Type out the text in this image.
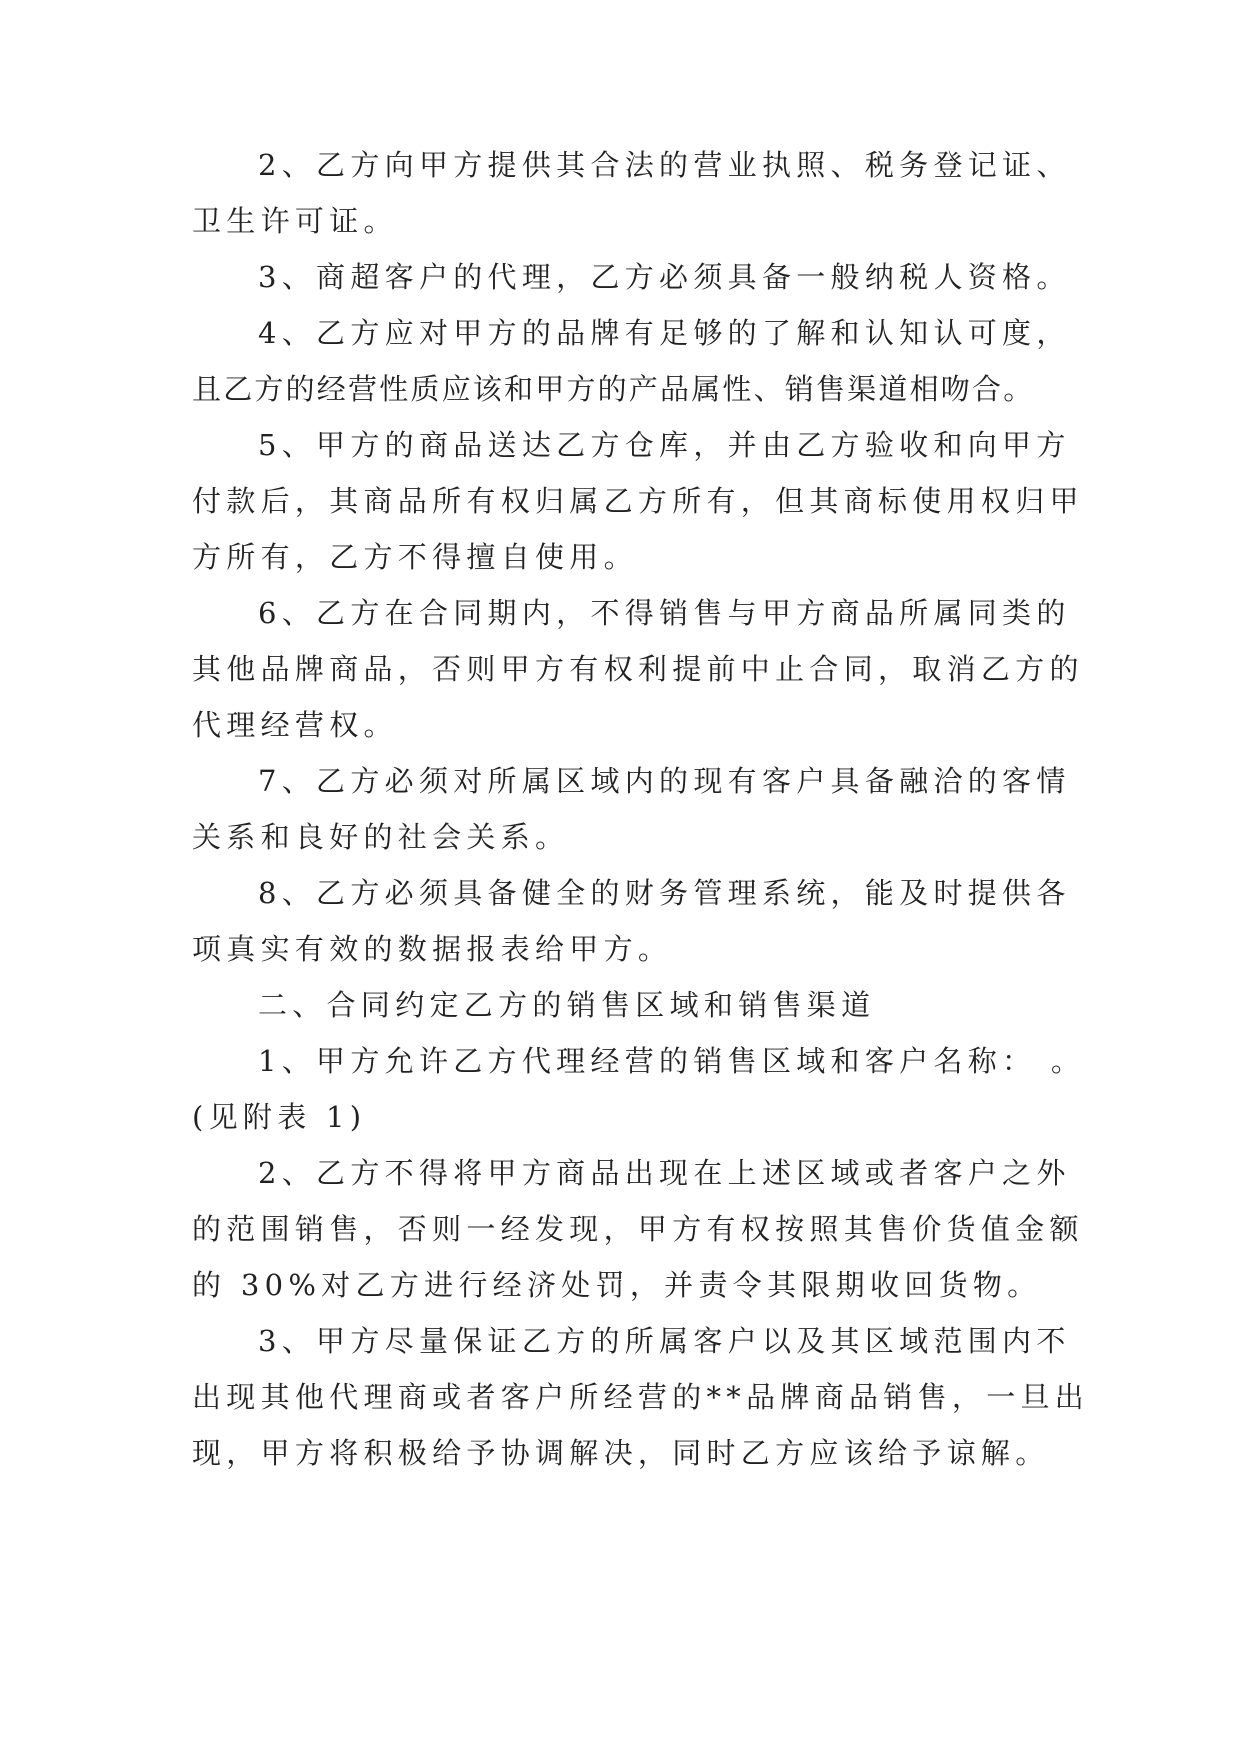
2、乙方向甲方提供其合法的营业执照、税务登记证、
卫生许可证。
3、商超客户的代理，乙方必须具备一般纳税人资格。
4、乙方应对甲方的品牌有足够的了解和认知认可度，
且乙方的经营性质应该和甲方的产品属性、销售渠道相吻合。
5、甲方的商品送达乙方仓库，并由乙方验收和向甲方
付款后，其商品所有权归属乙方所有，但其商标使用权归甲
方所有，乙方不得擅自使用。
6、乙方在合同期内，不得销售与甲方商品所属同类的
其他品牌商品，否则甲方有权利提前中止合同，取消乙方的
代理经营权。
7、乙方必须对所属区域内的现有客户具备融洽的客情
关系和良好的社会关系。
8、乙方必须具备健全的财务管理系统，能及时提供各
项真实有效的数据报表给甲方。
二、合同约定乙方的销售区域和销售渠道
1、甲方允许乙方代理经营的销售区域和客户名称： 。
(见附表 1)
2、乙方不得将甲方商品出现在上述区域或者客户之外
的范围销售，否则一经发现，甲方有权按照其售价货值金额
的 30%对乙方进行经济处罚，并责令其限期收回货物。
3、甲方尽量保证乙方的所属客户以及其区域范围内不
出现其他代理商或者客户所经营的**品牌商品销售，一旦出
现，甲方将积极给予协调解决，同时乙方应该给予谅解。
